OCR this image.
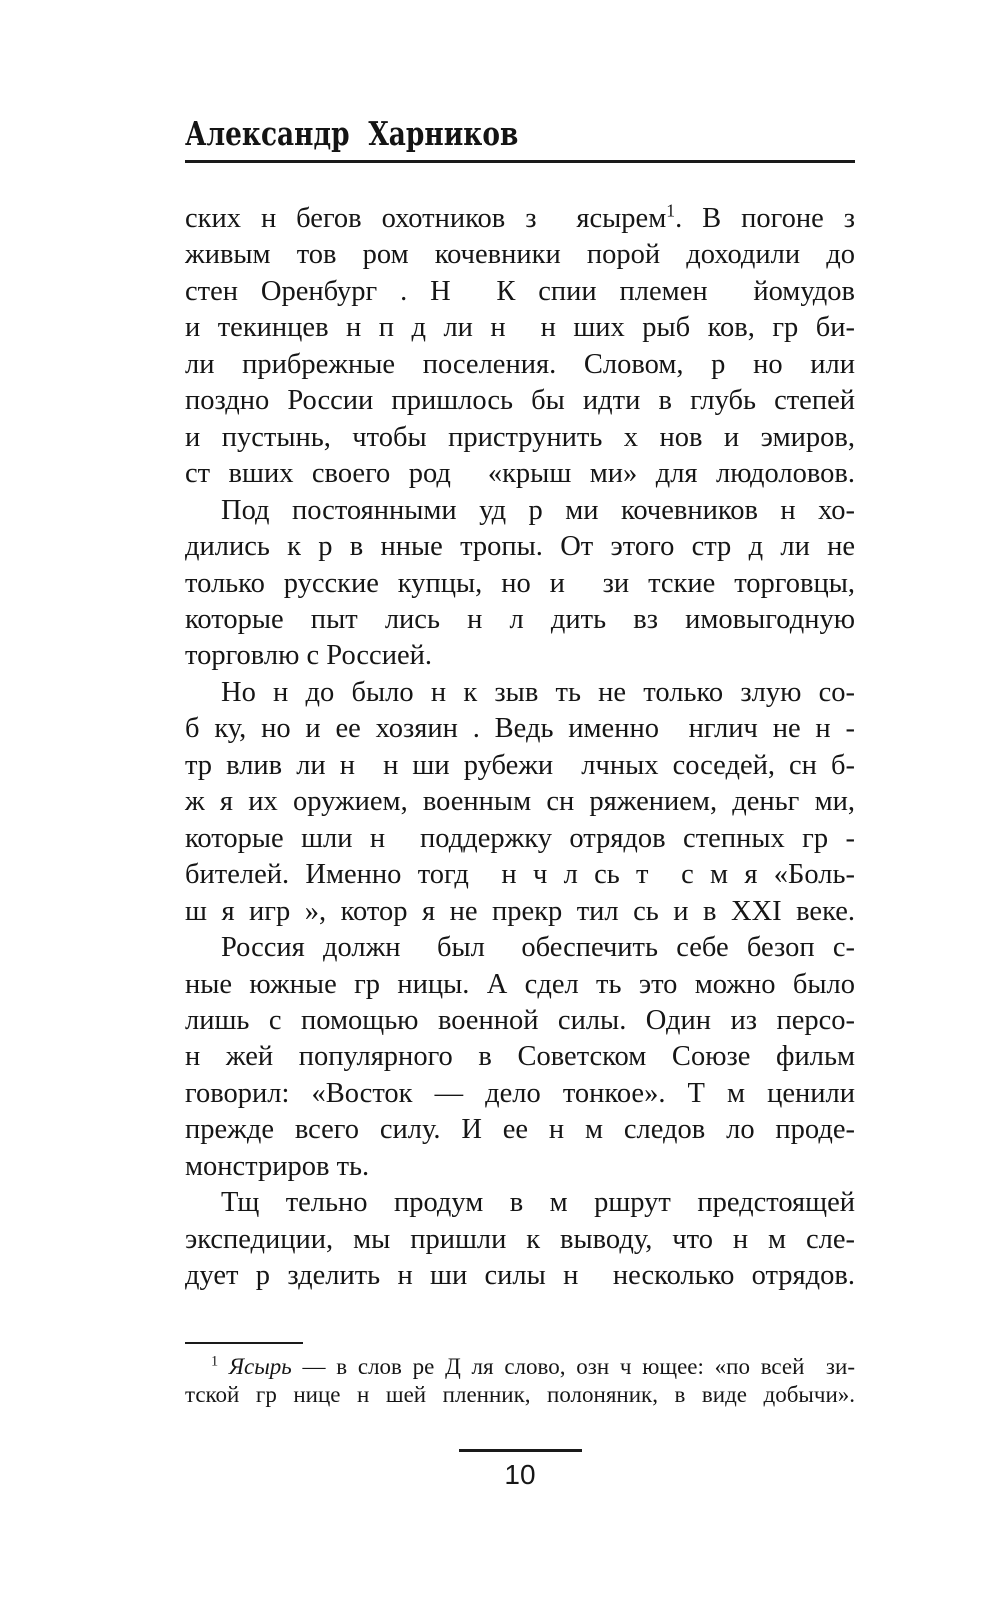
Александр Харников
ских н бегов охотников з  ясырем$^1$. В погоне з
живым тов ром кочевники порой доходили до
стен Оренбург . Н  К спии племен  йомудов
и текинцев н п д ли н  н ших рыб ков, гр би-
ли прибрежные поселения. Словом, р но или
поздно России пришлось бы идти в глубь степей
и пустынь, чтобы приструнить х нов и эмиров,
ст вших своего род  «крыш ми» для людоловов.
Под постоянными уд р ми кочевников н хо-
дились к р в нные тропы. От этого стр д ли не
только русские купцы, но и  зи тские торговцы,
которые пыт лись н л дить вз имовыгодную
торговлю с Россией.
Но н до было н к зыв ть не только злую со-
б ку, но и ее хозяин . Ведь именно  нглич не н -
тр влив ли н  н ши рубежи  лчных соседей, сн б-
ж я их оружием, военным сн ряжением, деньг ми,
которые шли н  поддержку отрядов степных гр -
бителей. Именно тогд  н ч л сь т  с м я «Боль-
ш я игр », котор я не прекр тил сь и в XXI веке.
Россия должн  был  обеспечить себе безоп с-
ные южные гр ницы. А сдел ть это можно было
лишь с помощью военной силы. Один из персо-
н жей популярного в Советском Союзе фильм
говорил: «Восток — дело тонкое». Т м ценили
прежде всего силу. И ее н м следов ло проде-
монстриров ть.
Тщ тельно продум в м ршрут предстоящей
экспедиции, мы пришли к выводу, что н м сле-
дует р зделить н ши силы н  несколько отрядов.
$^1$ Ясырь — в слов ре Д ля слово, озн ч ющее: «по всей  зи-
тской гр нице н шей пленник, полоняник, в виде добычи».
10
